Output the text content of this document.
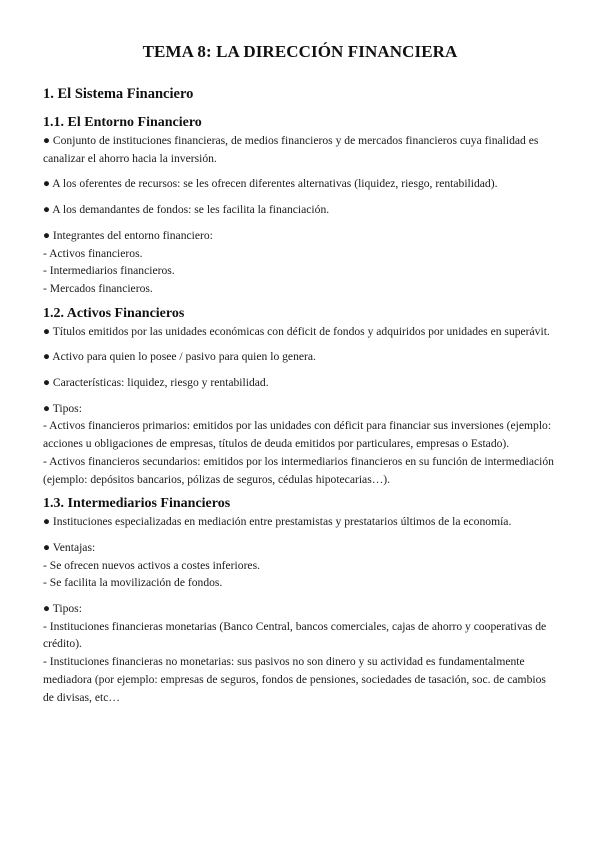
TEMA 8: LA DIRECCIÓN FINANCIERA
1. El Sistema Financiero
1.1. El Entorno Financiero

● Conjunto de instituciones financieras, de medios financieros y de mercados financieros cuya finalidad es canalizar el ahorro hacia la inversión.

● A los oferentes de recursos: se les ofrecen diferentes alternativas (liquidez, riesgo, rentabilidad).

● A los demandantes de fondos: se les facilita la financiación.

● Integrantes del entorno financiero:
- Activos financieros.
- Intermediarios financieros.
- Mercados financieros.
1.2. Activos Financieros

● Títulos emitidos por las unidades económicas con déficit de fondos y adquiridos por unidades en superávit.

● Activo para quien lo posee / pasivo para quien lo genera.

● Características: liquidez, riesgo y rentabilidad.

● Tipos:
- Activos financieros primarios: emitidos por las unidades con déficit para financiar sus inversiones (ejemplo: acciones u obligaciones de empresas, títulos de deuda emitidos por particulares, empresas o Estado).
- Activos financieros secundarios: emitidos por los intermediarios financieros en su función de intermediación (ejemplo: depósitos bancarios, pólizas de seguros, cédulas hipotecarias…).
1.3. Intermediarios Financieros

● Instituciones especializadas en mediación entre prestamistas y prestatarios últimos de la economía.

● Ventajas:
- Se ofrecen nuevos activos a costes inferiores.
- Se facilita la movilización de fondos.
● Tipos:
- Instituciones financieras monetarias (Banco Central, bancos comerciales, cajas de ahorro y cooperativas de crédito).
- Instituciones financieras no monetarias: sus pasivos no son dinero y su actividad es fundamentalmente mediadora (por ejemplo: empresas de seguros, fondos de pensiones, sociedades de tasación, soc. de cambios de divisas, etc…
